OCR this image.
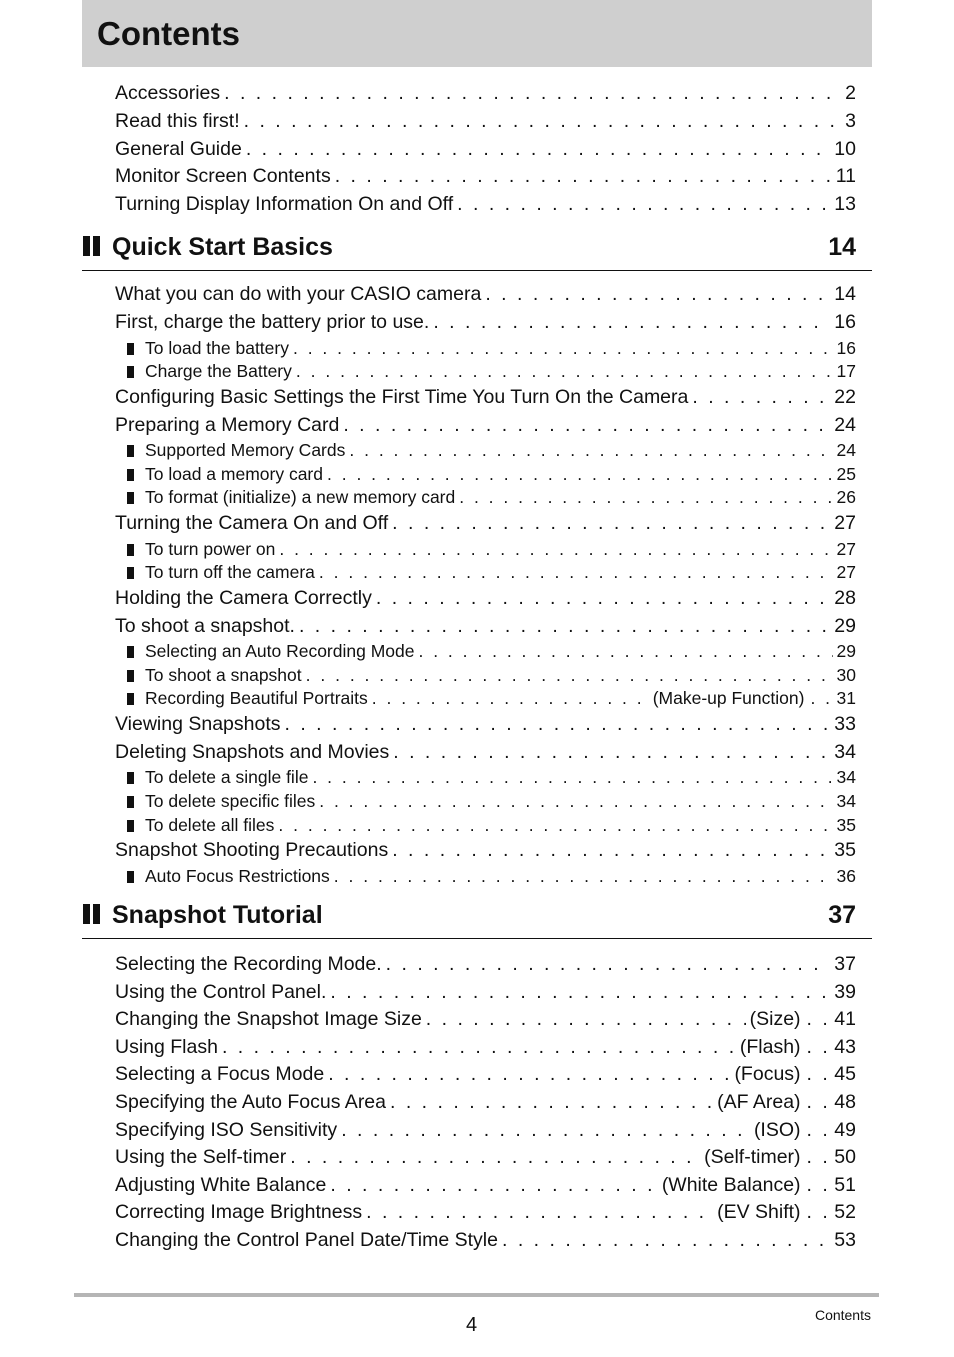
Contents
Accessories . . .	2
Read this first! . . .	3
General Guide . . .	10
Monitor Screen Contents . . .	11
Turning Display Information On and Off . . .	13
Quick Start Basics	14
What you can do with your CASIO camera . . .	14
First, charge the battery prior to use. . . .	16
To load the battery . . .	16
Charge the Battery . . .	17
Configuring Basic Settings the First Time You Turn On the Camera . . .	22
Preparing a Memory Card . . .	24
Supported Memory Cards . . .	24
To load a memory card . . .	25
To format (initialize) a new memory card . . .	26
Turning the Camera On and Off . . .	27
To turn power on . . .	27
To turn off the camera . . .	27
Holding the Camera Correctly . . .	28
To shoot a snapshot. . . .	29
Selecting an Auto Recording Mode . . .	29
To shoot a snapshot . . .	30
Recording Beautiful Portraits . . .	(Make-up Function) . . 31
Viewing Snapshots . . .	33
Deleting Snapshots and Movies . . .	34
To delete a single file . . .	34
To delete specific files . . .	34
To delete all files . . .	35
Snapshot Shooting Precautions . . .	35
Auto Focus Restrictions . . .	36
Snapshot Tutorial	37
Selecting the Recording Mode. . . .	37
Using the Control Panel. . . .	39
Changing the Snapshot Image Size . . .	(Size) . . 41
Using Flash . . .	(Flash) . . 43
Selecting a Focus Mode . . .	(Focus) . . 45
Specifying the Auto Focus Area . . .	(AF Area) . . 48
Specifying ISO Sensitivity . . .	(ISO) . . 49
Using the Self-timer . . .	(Self-timer) . . 50
Adjusting White Balance . . .	(White Balance) . . 51
Correcting Image Brightness . . .	(EV Shift) . . 52
Changing the Control Panel Date/Time Style . . .	53
4	Contents
